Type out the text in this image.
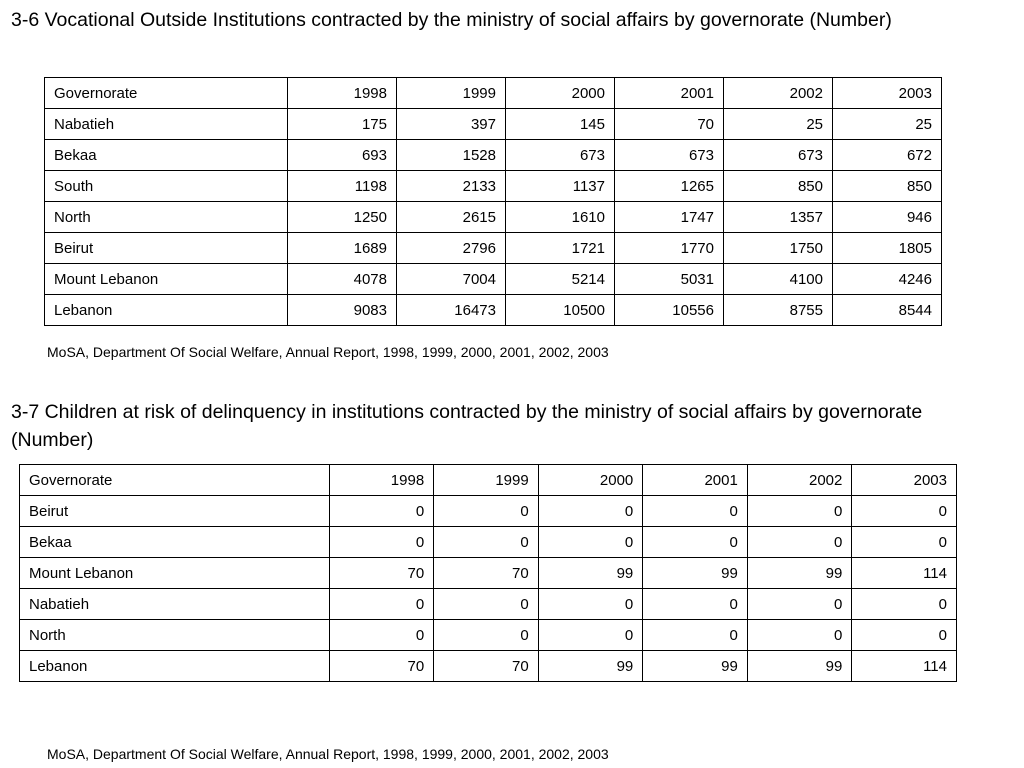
3-6 Vocational Outside Institutions contracted by the ministry of social affairs by governorate (Number)
Governorate	1998	1999	2000	2001	2002	2003
Nabatieh	175	397	145	70	25	25
Bekaa	693	1528	673	673	673	672
South	1198	2133	1137	1265	850	850
North	1250	2615	1610	1747	1357	946
Beirut	1689	2796	1721	1770	1750	1805
Mount Lebanon	4078	7004	5214	5031	4100	4246
Lebanon	9083	16473	10500	10556	8755	8544

MoSA, Department Of Social Welfare, Annual Report, 1998, 1999, 2000, 2001, 2002, 2003

3-7 Children at risk of delinquency in institutions contracted by the ministry of social affairs by governorate (Number)
Governorate	1998	1999	2000	2001	2002	2003
Beirut	0	0	0	0	0	0
Bekaa	0	0	0	0	0	0
Mount Lebanon	70	70	99	99	99	114
Nabatieh	0	0	0	0	0	0
North	0	0	0	0	0	0
Lebanon	70	70	99	99	99	114

MoSA, Department Of Social Welfare, Annual Report, 1998, 1999, 2000, 2001, 2002, 2003
